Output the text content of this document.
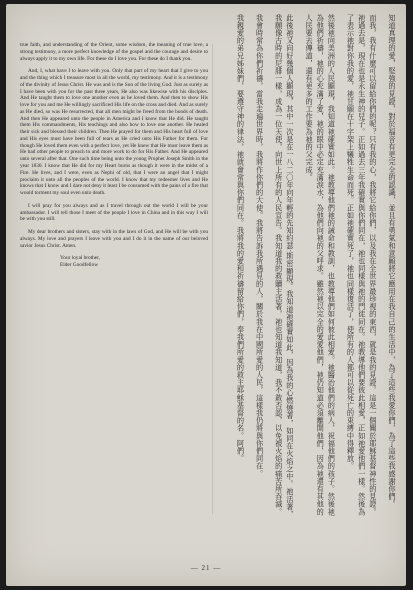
true faith, and understanding of the Orient, some wisdom, the meaning of true love, a strong testimony, a more perfect knowledge of the gospel and the courage and desire to always apply it to my own life. For these do I love you. For these do I thank you.

And, I, what have I to leave with you. Only that part of my heart that I give to you and the thing which I treasure most in all the world, my testimony. And it is a testimony of the divinity of Jesus Christ. He was and is the Son of the living God. Just as surely as I have been with you for the past three years, He also was likewise with his disciples. And He taught them to love one another even as he loved them. And then to show His love for you and me He willingly sacrificed His life on the cross and died. And as surely as He died, so was He resurrected, that all men might be freed from the bonds of death. And then He appeared unto the people in America and I know that He did. He taught them His commandments, His teachings and also how to love one another. He healed their sick and blessed their children. Then He prayed for them and His heart full of love and His eyes must have been full of tears as He cried unto His Father for them. For though He loved them even with a perfect love, yet He knew that He must leave them as He had other people to preach to and more work to do for His Father. And He appeared unto several after that. One such time being unto the young Prophet Joseph Smith in the year 1830. I know that He did for my Heart burns as though it were in the midst of a Fire. He lives, and I were, even as Nephi of old, that I were an angel that I might proclaim it unto all the peoples of the world. I know that my redeemer lives and He knows that I know and I dare not deny it least I be consumed with the pains of a fire that would torment my soul even unto death.

I will pray for you always and as I travel through out the world I will be your ambassador. I will tell those I meet of the people I love in China and in this way I will be with you still.

My dear brothers and sisters, stay with in the laws of God, and He will be with you always. My love and prayers I leave with you and I do it in the name of our beloved savior Jesus Christ. Amen.

Your loyal brother,
Elder Goodfellow	知道真理的愛，堅強的見證，對於福音有更完全的認識，並且有勇氣和意願將它應用在我自己的生活中，為了這些我愛你們，為了這些我感謝你們。

而我，我有什麼可以留給你們的呢？只有我的心，我將它給你們，以及我在全世界最珍視的東西，就是我的見證。這是一個關於耶穌基督神性的見證。祂過去是，現在也是永生神的兒子。正如過去三年我確實與你們同在，祂也同樣與祂的門徒同在。祂教導他們要彼此相愛，正如祂愛他們一樣。然後為了表示祂對你我的愛，祂甘願在十字架上犧牲生命而死。正如祂確實死了，祂也同樣復活了，使所有的人都可以從死亡的束縛中得釋放。

然後祂向美洲的人民顯現，我知道祂確實如此。祂教導他們祂的誡命和教訓，也教導他們如何彼此相愛。祂醫治他們的病人，祝福他們的孩子。然後祂為他們祈禱，祂的心充滿了愛，祂的眼中必定充滿淚水，為他們向祂的父呼求。雖然祂以完全的愛愛他們，祂仍知道必須離開他們，因為祂還有其他的人民要去傳道，還有更多的工作要為祂的父完成。

此後祂又向好幾個人顯現，其中一次是在一八二〇年向年輕的先知約瑟·斯密顯現。我知道祂確實如此，因為我的心燃燒著，如同在火焰之中。祂活著，我願像古時的尼腓一樣，成為一位天使，向世上所有的人民宣告。我知道我的救贖主活著，祂也知道我知道，我不敢否認，以免被火焰的痛苦所吞滅。

我會時常為你們祈禱，當我走遍世界時，我將作你們的大使。我將告訴我所遇見的人，關於我在中國所愛的人民，這樣我仍將與你們同在。

我親愛的弟兄姊妹們，要遵守神的律法，祂就會常與你們同在。我將我的愛和祈禱留給你們，奉我們所愛的救主耶穌基督的名。阿們。

— 21 —
